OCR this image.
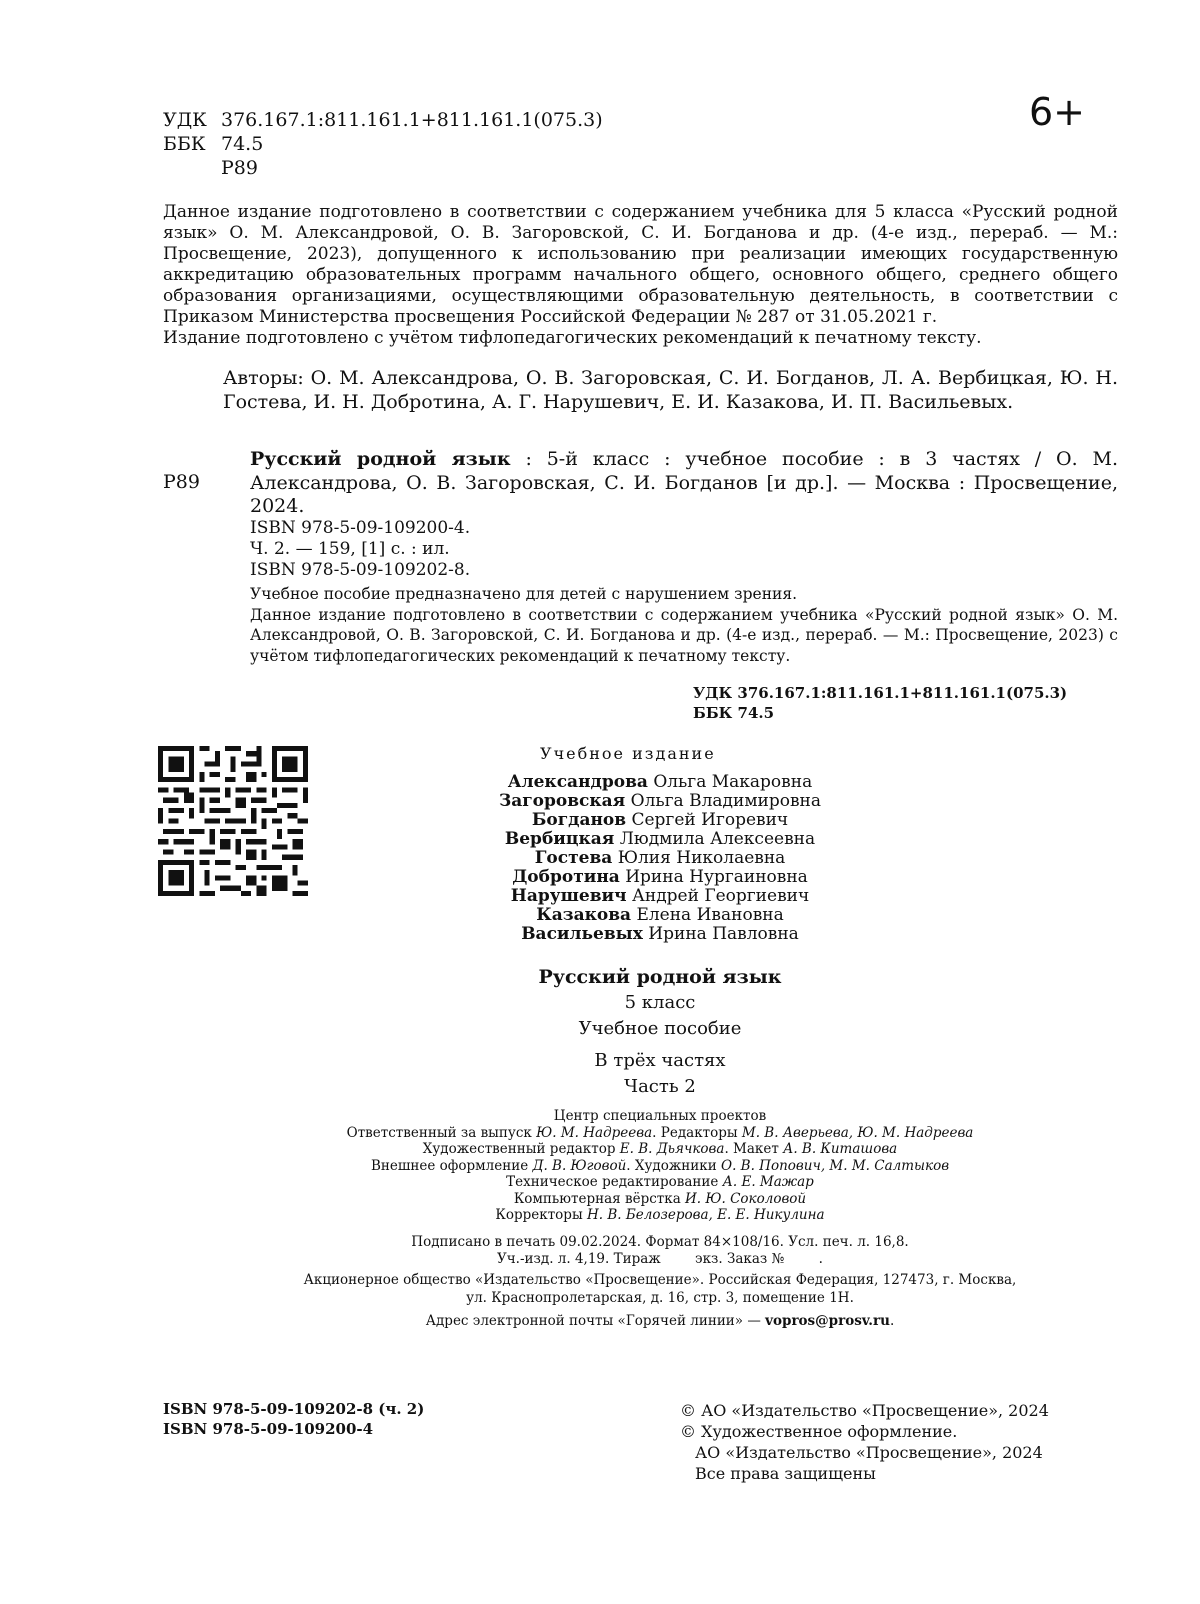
УДК 376.167.1:811.161.1+811.161.1(075.3)
ББК 74.5
Р89
6+

Данное издание подготовлено в соответствии с содержанием учебника для 5 класса «Русский родной язык» О. М. Александровой, О. В. Загоровской, С. И. Богданова и др. (4-е изд., перераб. — М.: Просвещение, 2023), допущенного к использованию при реализации имеющих государственную аккредитацию образовательных программ начального общего, основного общего, среднего общего образования организациями, осуществляющими образовательную деятельность, в соответствии с Приказом Министерства просвещения Российской Федерации № 287 от 31.05.2021 г.

Издание подготовлено с учётом тифлопедагогических рекомендаций к печатному тексту.

Авторы: О. М. Александрова, О. В. Загоровская, С. И. Богданов, Л. А. Вербицкая, Ю. Н. Гостева, И. Н. Добротина, А. Г. Нарушевич, Е. И. Казакова, И. П. Васильевых.
Р89
Русский родной язык : 5-й класс : учебное пособие : в 3 частях / О. М. Александрова, О. В. Загоровская, С. И. Богданов [и др.]. — Москва : Просвещение, 2024.

ISBN 978-5-09-109200-4.

Ч. 2. — 159, [1] с. : ил.

ISBN 978-5-09-109202-8.

Учебное пособие предназначено для детей с нарушением зрения.

Данное издание подготовлено в соответствии с содержанием учебника «Русский родной язык» О. М. Александровой, О. В. Загоровской, С. И. Богданова и др. (4-е изд., перераб. — М.: Просвещение, 2023) с учётом тифлопедагогических рекомендаций к печатному тексту.

УДК 376.167.1:811.161.1+811.161.1(075.3)
ББК 74.5
Учебное издание
Александрова Ольга Макаровна
Загоровская Ольга Владимировна
Богданов Сергей Игоревич
Вербицкая Людмила Алексеевна
Гостева Юлия Николаевна
Добротина Ирина Нургаиновна
Нарушевич Андрей Георгиевич
Казакова Елена Ивановна
Васильевых Ирина Павловна
Русский родной язык
5 класс
Учебное пособие
В трёх частях
Часть 2
Центр специальных проектов
Ответственный за выпуск Ю. М. Надреева. Редакторы М. В. Аверьева, Ю. М. Надреева
Художественный редактор Е. В. Дьячкова. Макет А. В. Киташова
Внешнее оформление Д. В. Юговой. Художники О. В. Попович, М. М. Салтыков
Техническое редактирование А. Е. Мажар
Компьютерная вёрстка И. Ю. Соколовой
Корректоры Н. В. Белозерова, Е. Е. Никулина
Подписано в печать 09.02.2024. Формат 84×108/16. Усл. печ. л. 16,8.
Уч.-изд. л. 4,19. Тираж        экз. Заказ №        .
Акционерное общество «Издательство «Просвещение». Российская Федерация, 127473, г. Москва,
ул. Краснопролетарская, д. 16, стр. 3, помещение 1Н.
Адрес электронной почты «Горячей линии» — vopros@prosv.ru.
ISBN 978-5-09-109202-8 (ч. 2)
ISBN 978-5-09-109200-4
© АО «Издательство «Просвещение», 2024
© Художественное оформление.
АО «Издательство «Просвещение», 2024
Все права защищены
